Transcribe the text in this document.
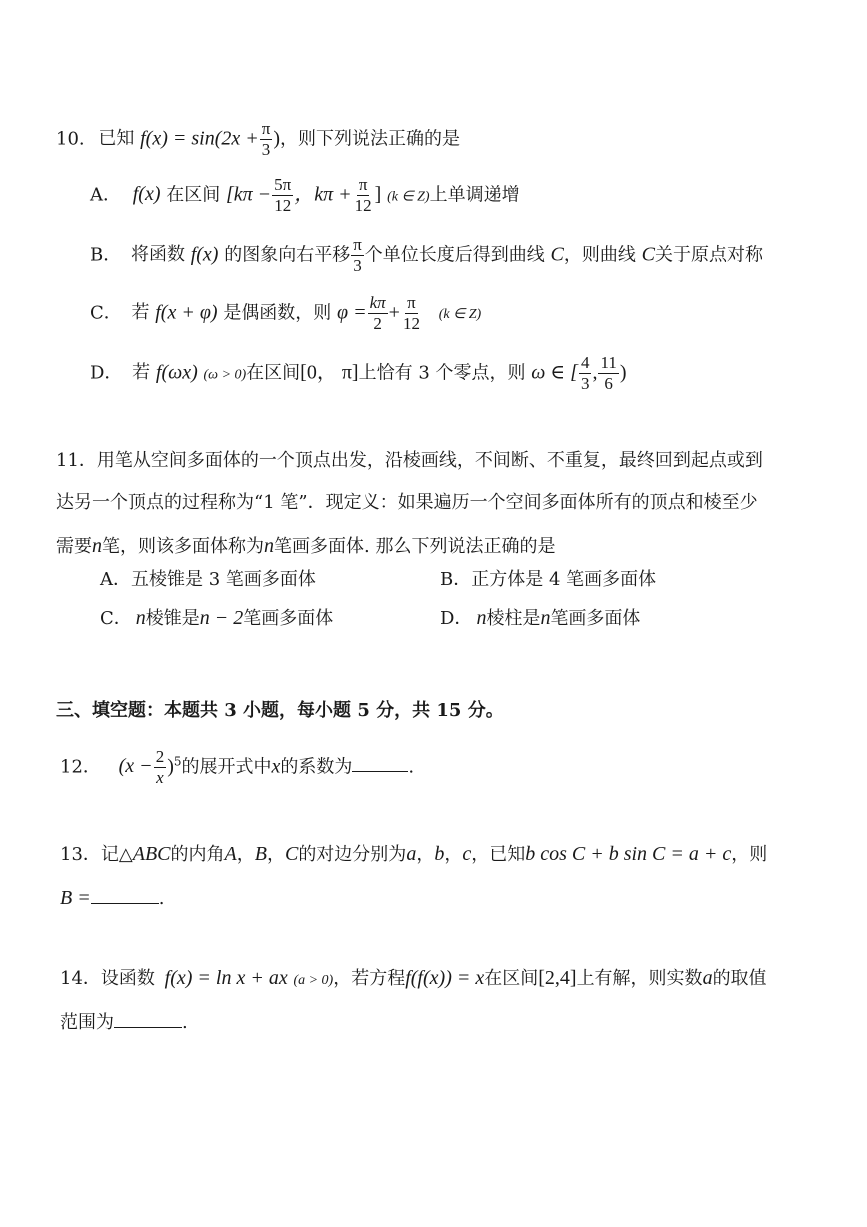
10. 已知 $f(x) = \sin(2x + \frac{\pi}{3}$ )，则下列说法正确的是
A． f(x) 在区间 [$k\pi - \frac{5\pi}{12}$ ，$k\pi + \frac{\pi}{12}$ ] (k ∈ Z)上单调递增
B． 将函数 f(x) 的图象向右平移 $\frac{\pi}{3}$ 个单位长度后得到曲线 C，则曲线 C关于原点对称
C． 若 f(x + φ) 是偶函数，则 $\varphi = \frac{k\pi}{2} + \frac{\pi}{12} (k$ ∈ Z)
D． 若 f(ωx) (ω > 0)在区间[0， π]上恰有 3 个零点，则 ω ∈ [ $\frac{4}{3}$ , $\frac{11}{6}$ )
11．用笔从空间多面体的一个顶点出发，沿棱画线，不间断、不重复，最终回到起点或到
达另一个顶点的过程称为“1 笔”．现定义：如果遍历一个空间多面体所有的顶点和棱至少
需要n笔，则该多面体称为n笔画多面体. 那么下列说法正确的是
A．五棱锥是 3 笔画多面体	B．正方体是 4 笔画多面体
C． n棱锥是n − 2笔画多面体	D． n棱柱是n笔画多面体
三、填空题：本题共 3 小题，每小题 5 分，共 15 分。
12． $(x - \frac{2}{x} )^5$的展开式中x的系数为	.
13．记△ABC的内角A，B，C的对边分别为a，b，c，已知b cos C + b sin C = a + c，则
B =	.
14．设函数 f(x) = ln x + ax (a > 0)，若方程f(f(x)) = x在区间[2,4]上有解，则实数a的取值
范围为	.
